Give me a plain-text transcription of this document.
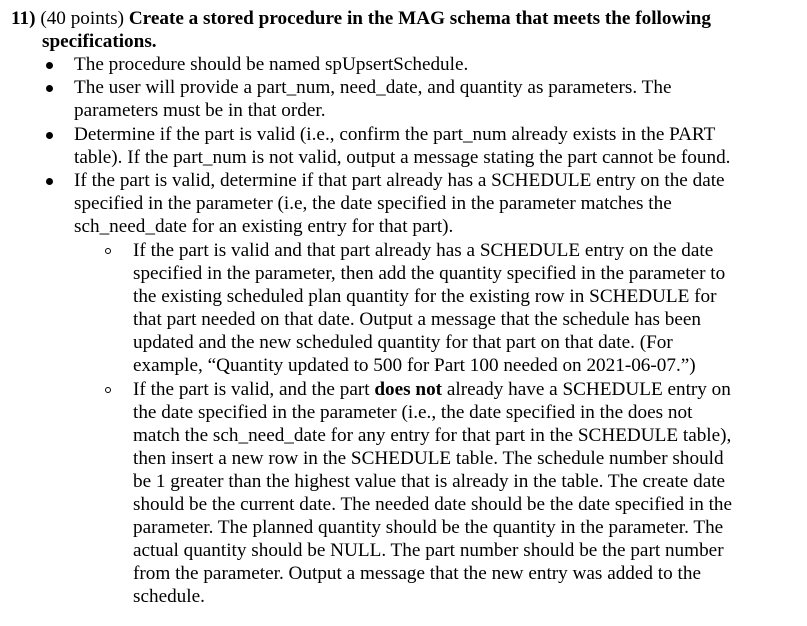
11) (40 points) Create a stored procedure in the MAG schema that meets the following
specifications.
The procedure should be named spUpsertSchedule.
The user will provide a part_num, need_date, and quantity as parameters. The
parameters must be in that order.
Determine if the part is valid (i.e., confirm the part_num already exists in the PART
table). If the part_num is not valid, output a message stating the part cannot be found.
If the part is valid, determine if that part already has a SCHEDULE entry on the date
specified in the parameter (i.e, the date specified in the parameter matches the
sch_need_date for an existing entry for that part).
If the part is valid and that part already has a SCHEDULE entry on the date
specified in the parameter, then add the quantity specified in the parameter to
the existing scheduled plan quantity for the existing row in SCHEDULE for
that part needed on that date. Output a message that the schedule has been
updated and the new scheduled quantity for that part on that date. (For
example, “Quantity updated to 500 for Part 100 needed on 2021-06-07.”)
If the part is valid, and the part does not already have a SCHEDULE entry on
the date specified in the parameter (i.e., the date specified in the does not
match the sch_need_date for any entry for that part in the SCHEDULE table),
then insert a new row in the SCHEDULE table. The schedule number should
be 1 greater than the highest value that is already in the table. The create date
should be the current date. The needed date should be the date specified in the
parameter. The planned quantity should be the quantity in the parameter. The
actual quantity should be NULL. The part number should be the part number
from the parameter. Output a message that the new entry was added to the
schedule.
